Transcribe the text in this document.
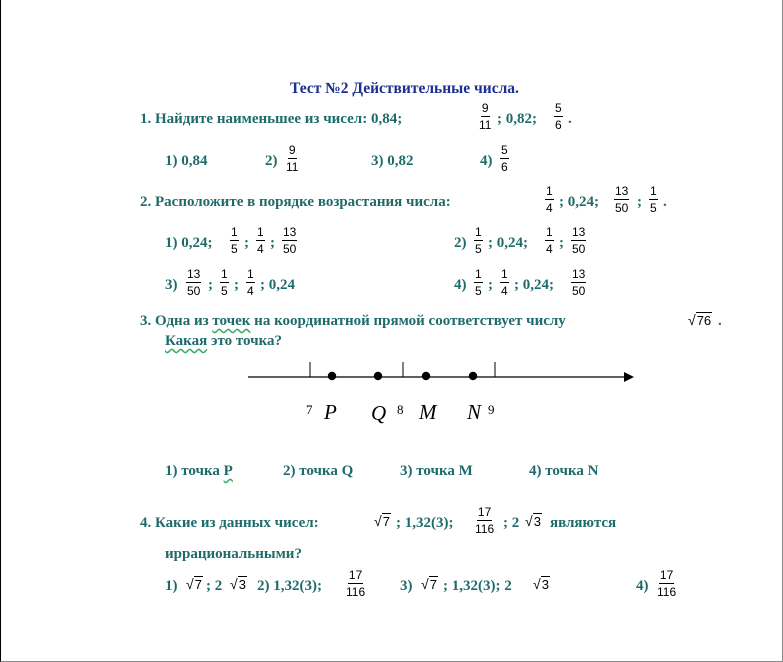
Тест №2 Действительные числа.
1. Найдите наименьшее из чисел: 0,84;	$\frac{9}{11}$ ; 0,82; $\frac{5}{6}$ .
1) 0,84	$2) \frac{9}{11}$	3) 0,82	$4) \frac{5}{6}$
2. Расположите в порядке возрастания числа:	$\frac{1}{4}$ ; 0,24; $\frac{13}{50}$ ; $\frac{1}{5}$ .
1) 0,24; $\frac{1}{5}$ ; $\frac{1}{4}$ ; $\frac{13}{50}$	$2) \frac{1}{5}$ ; 0,24; $\frac{1}{4}$ ; $\frac{13}{50}$
$3) \frac{13}{50}$ ; $\frac{1}{5}$ ; $\frac{1}{4}$ ; 0,24	$4) \frac{1}{5}$ ; $\frac{1}{4}$ ; 0,24; $\frac{13}{50}$
3. Одна из точек на координатной прямой соответствует числу	√76 .
Какая это точка?
7 P Q 8 M N 9
1) точка P	2) точка Q	3) точка M	4) точка N
4. Какие из данных чисел:	√7 ; 1,32(3); $\frac{17}{116}$ ; 2 √3 являются
иррациональными?
1) √7 ; 2 √3 2) 1,32(3); $\frac{17}{116} 3$) √7 ; 1,32(3); 2 √3	$4) \frac{17}{116}$
